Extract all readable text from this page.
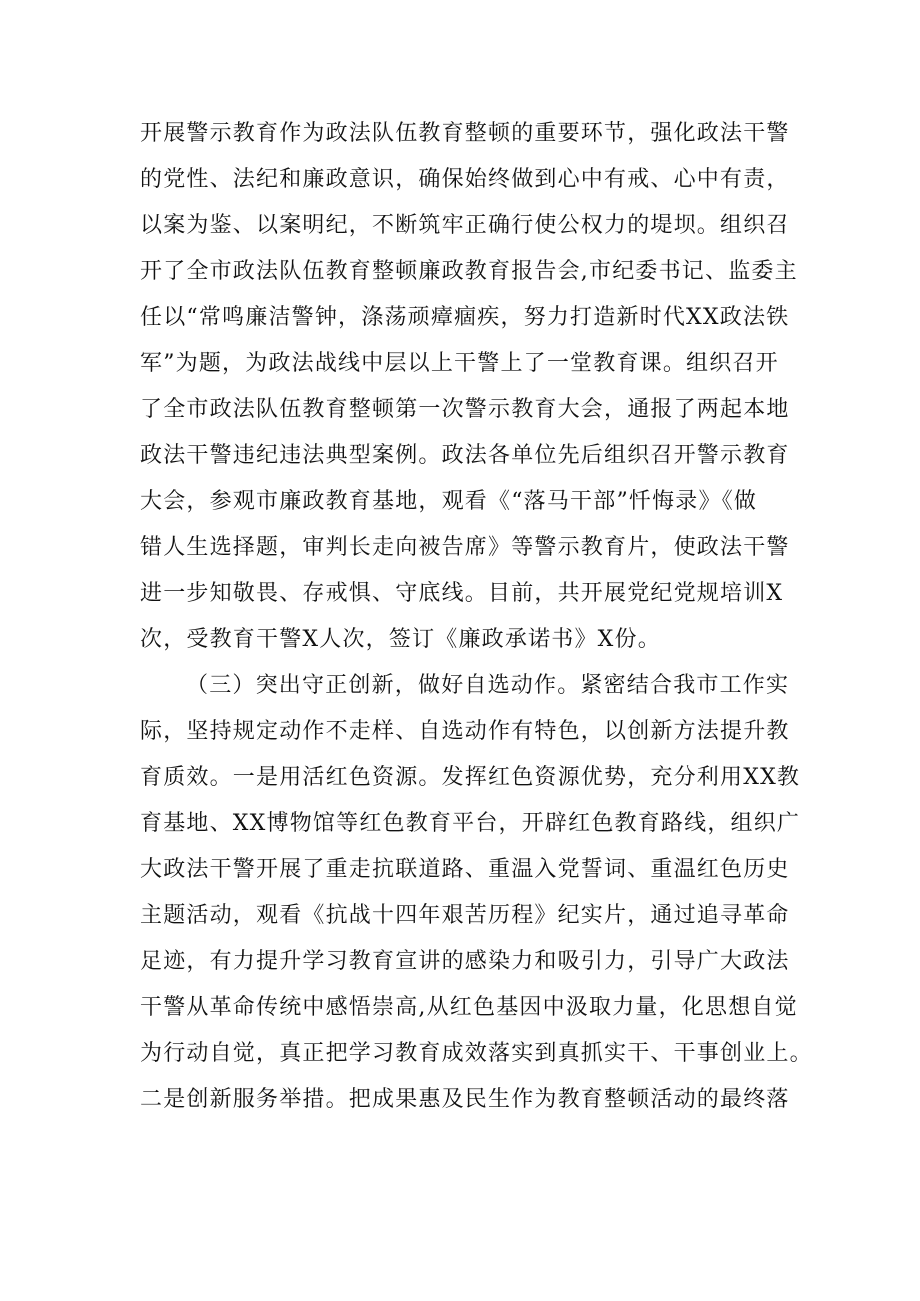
开展警示教育作为政法队伍教育整顿的重要环节，强化政法干警
的党性、法纪和廉政意识，确保始终做到心中有戒、心中有责，
以案为鉴、以案明纪，不断筑牢正确行使公权力的堤坝。组织召
开了全市政法队伍教育整顿廉政教育报告会,市纪委书记、监委主
任以“常鸣廉洁警钟，涤荡顽瘴痼疾，努力打造新时代XX政法铁
军”为题，为政法战线中层以上干警上了一堂教育课。组织召开
了全市政法队伍教育整顿第一次警示教育大会，通报了两起本地
政法干警违纪违法典型案例。政法各单位先后组织召开警示教育
大会，参观市廉政教育基地，观看《“落马干部”忏悔录》《做
错人生选择题，审判长走向被告席》等警示教育片，使政法干警
进一步知敬畏、存戒惧、守底线。目前，共开展党纪党规培训X
次，受教育干警X人次，签订《廉政承诺书》X份。
（三）突出守正创新，做好自选动作。紧密结合我市工作实
际，坚持规定动作不走样、自选动作有特色，以创新方法提升教
育质效。一是用活红色资源。发挥红色资源优势，充分利用XX教
育基地、XX博物馆等红色教育平台，开辟红色教育路线，组织广
大政法干警开展了重走抗联道路、重温入党誓词、重温红色历史
主题活动，观看《抗战十四年艰苦历程》纪实片，通过追寻革命
足迹，有力提升学习教育宣讲的感染力和吸引力，引导广大政法
干警从革命传统中感悟崇高,从红色基因中汲取力量，化思想自觉
为行动自觉，真正把学习教育成效落实到真抓实干、干事创业上。
二是创新服务举措。把成果惠及民生作为教育整顿活动的最终落
